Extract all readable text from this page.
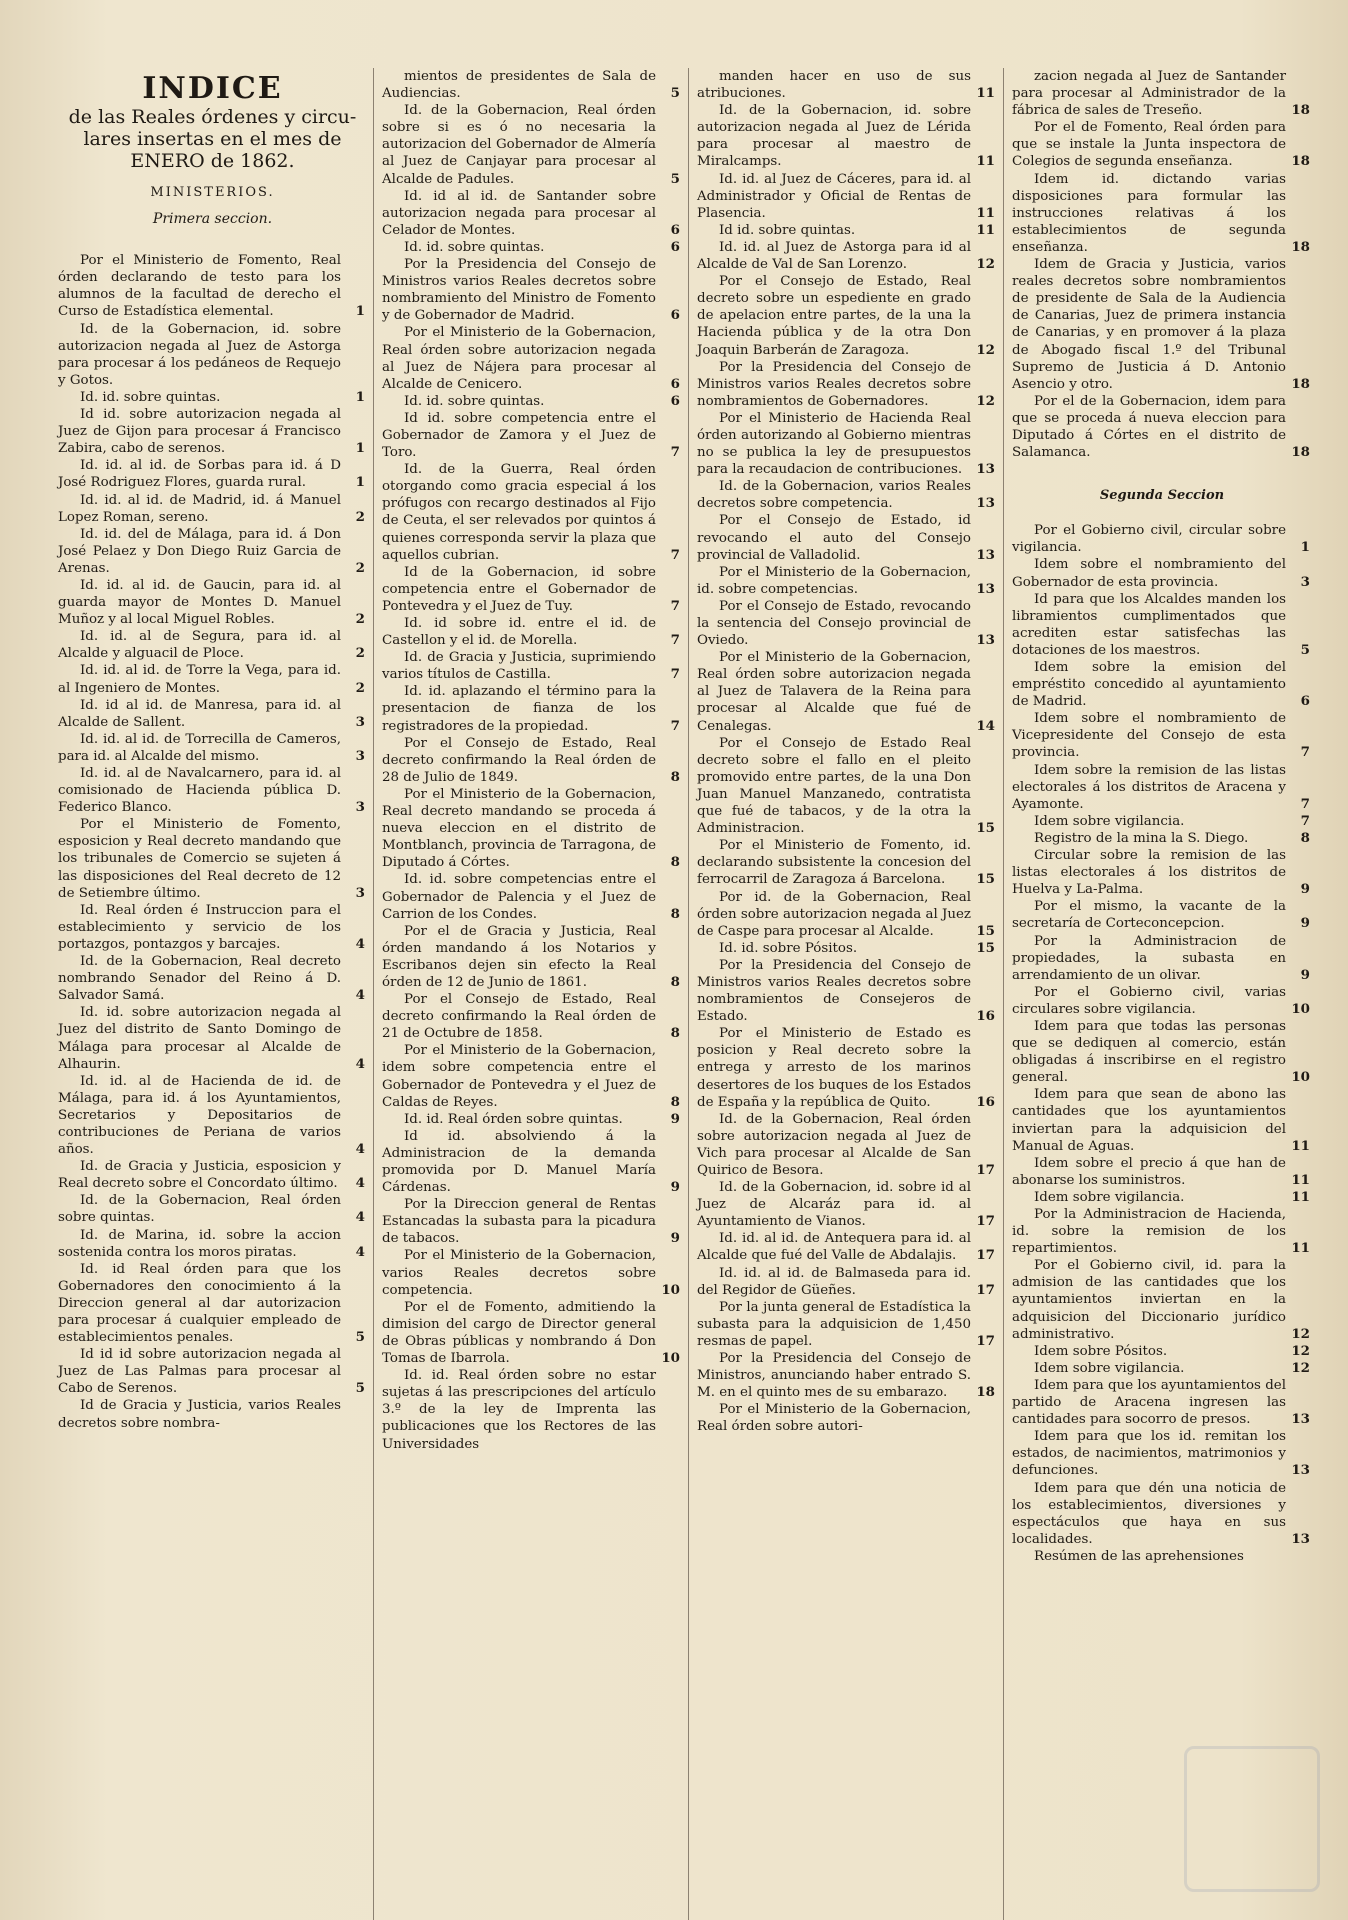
INDICE
de las Reales órdenes y circu-
lares insertas en el mes de
ENERO de 1862.
MINISTERIOS.
Primera seccion.

Por el Ministerio de Fomento, Real órden declarando de testo para los alumnos de la facultad de derecho el Curso de Estadística elemental.	1

Id. de la Gobernacion, id. sobre autorizacion negada al Juez de Astorga para procesar á los pedáneos de Requejo y Gotos.

Id. id. sobre quintas.	1

Id id. sobre autorizacion negada al Juez de Gijon para procesar á Francisco Zabira, cabo de serenos.	1

Id. id. al id. de Sorbas para id. á D José Rodriguez Flores, guarda rural.	1

Id. id. al id. de Madrid, id. á Manuel Lopez Roman, sereno.	2

Id. id. del de Málaga, para id. á Don José Pelaez y Don Diego Ruiz Garcia de Arenas.	2

Id. id. al id. de Gaucin, para id. al guarda mayor de Montes D. Manuel Muñoz y al local Miguel Robles.	2

Id. id. al de Segura, para id. al Alcalde y alguacil de Ploce.	2

Id. id. al id. de Torre la Vega, para id. al Ingeniero de Montes.	2

Id. id al id. de Manresa, para id. al Alcalde de Sallent.	3

Id. id. al id. de Torrecilla de Cameros, para id. al Alcalde del mismo.	3

Id. id. al de Navalcarnero, para id. al comisionado de Hacienda pública D. Federico Blanco.	3

Por el Ministerio de Fomento, esposicion y Real decreto mandando que los tribunales de Comercio se sujeten á las disposiciones del Real decreto de 12 de Setiembre último.	3

Id. Real órden é Instruccion para el establecimiento y servicio de los portazgos, pontazgos y barcajes.	4

Id. de la Gobernacion, Real decreto nombrando Senador del Reino á D. Salvador Samá.	4

Id. id. sobre autorizacion negada al Juez del distrito de Santo Domingo de Málaga para procesar al Alcalde de Alhaurin.	4

Id. id. al de Hacienda de id. de Málaga, para id. á los Ayuntamientos, Secretarios y Depositarios de contribuciones de Periana de varios años.	4

Id. de Gracia y Justicia, esposicion y Real decreto sobre el Concordato último. 4

Id. de la Gobernacion, Real órden sobre quintas.	4

Id. de Marina, id. sobre la accion sostenida contra los moros piratas.	4

Id. id Real órden para que los Gobernadores den conocimiento á la Direccion general al dar autorizacion para procesar á cualquier empleado de establecimientos penales.	5

Id id id sobre autorizacion negada al Juez de Las Palmas para procesar al Cabo de Serenos.	5

Id de Gracia y Justicia, varios Reales decretos sobre nombra-

mientos de presidentes de Sala de Audiencias.	5

Id. de la Gobernacion, Real órden sobre si es ó no necesaria la autorizacion del Gobernador de Almería al Juez de Canjayar para procesar al Alcalde de Padules.	5

Id. id al id. de Santander sobre autorizacion negada para procesar al Celador de Montes.	6

Id. id. sobre quintas.	6

Por la Presidencia del Consejo de Ministros varios Reales decretos sobre nombramiento del Ministro de Fomento y de Gobernador de Madrid.	6

Por el Ministerio de la Gobernacion, Real órden sobre autorizacion negada al Juez de Nájera para procesar al Alcalde de Cenicero.	6

Id. id. sobre quintas.	6

Id id. sobre competencia entre el Gobernador de Zamora y el Juez de Toro.	7

Id. de la Guerra, Real órden otorgando como gracia especial á los prófugos con recargo destinados al Fijo de Ceuta, el ser relevados por quintos á quienes corresponda servir la plaza que aquellos cubrian.	7

Id de la Gobernacion, id sobre competencia entre el Gobernador de Pontevedra y el Juez de Tuy.	7

Id. id sobre id. entre el id. de Castellon y el id. de Morella.	7

Id. de Gracia y Justicia, suprimiendo varios títulos de Castilla.	7

Id. id. aplazando el término para la presentacion de fianza de los registradores de la propiedad.	7

Por el Consejo de Estado, Real decreto confirmando la Real órden de 28 de Julio de 1849.	8

Por el Ministerio de la Gobernacion, Real decreto mandando se proceda á nueva eleccion en el distrito de Montblanch, provincia de Tarragona, de Diputado á Córtes.	8

Id. id. sobre competencias entre el Gobernador de Palencia y el Juez de Carrion de los Condes.	8

Por el de Gracia y Justicia, Real órden mandando á los Notarios y Escribanos dejen sin efecto la Real órden de 12 de Junio de 1861.	8

Por el Consejo de Estado, Real decreto confirmando la Real órden de 21 de Octubre de 1858.	8

Por el Ministerio de la Gobernacion, idem sobre competencia entre el Gobernador de Pontevedra y el Juez de Caldas de Reyes.	8

Id. id. Real órden sobre quintas.	9

Id id. absolviendo á la Administracion de la demanda promovida por D. Manuel María Cárdenas.	9

Por la Direccion general de Rentas Estancadas la subasta para la picadura de tabacos.	9

Por el Ministerio de la Gobernacion, varios Reales decretos sobre competencia.	10

Por el de Fomento, admitiendo la dimision del cargo de Director general de Obras públicas y nombrando á Don Tomas de Ibarrola.	10

Id. id. Real órden sobre no estar sujetas á las prescripciones del artículo 3.º de la ley de Imprenta las publicaciones que los Rectores de las Universidades

manden hacer en uso de sus atribuciones.	11

Id. de la Gobernacion, id. sobre autorizacion negada al Juez de Lérida para procesar al maestro de Miralcamps.	11

Id. id. al Juez de Cáceres, para id. al Administrador y Oficial de Rentas de Plasencia.	11

Id id. sobre quintas.	11

Id. id. al Juez de Astorga para id al Alcalde de Val de San Lorenzo.	12

Por el Consejo de Estado, Real decreto sobre un espediente en grado de apelacion entre partes, de la una la Hacienda pública y de la otra Don Joaquin Barberán de Zaragoza.	12

Por la Presidencia del Consejo de Ministros varios Reales decretos sobre nombramientos de Gobernadores.	12

Por el Ministerio de Hacienda Real órden autorizando al Gobierno mientras no se publica la ley de presupuestos para la recaudacion de contribuciones. 13

Id. de la Gobernacion, varios Reales decretos sobre competencia.	13

Por el Consejo de Estado, id revocando el auto del Consejo provincial de Valladolid.	13

Por el Ministerio de la Gobernacion, id. sobre competencias.	13

Por el Consejo de Estado, revocando la sentencia del Consejo provincial de Oviedo.	13

Por el Ministerio de la Gobernacion, Real órden sobre autorizacion negada al Juez de Talavera de la Reina para procesar al Alcalde que fué de Cenalegas.	14

Por el Consejo de Estado Real decreto sobre el fallo en el pleito promovido entre partes, de la una Don Juan Manuel Manzanedo, contratista que fué de tabacos, y de la otra la Administracion.	15

Por el Ministerio de Fomento, id. declarando subsistente la concesion del ferrocarril de Zaragoza á Barcelona. 15

Por id. de la Gobernacion, Real órden sobre autorizacion negada al Juez de Caspe para procesar al Alcalde.	15

Id. id. sobre Pósitos.	15

Por la Presidencia del Consejo de Ministros varios Reales decretos sobre nombramientos de Consejeros de Estado.	16

Por el Ministerio de Estado es posicion y Real decreto sobre la entrega y arresto de los marinos desertores de los buques de los Estados de España y la república de Quito.	16

Id. de la Gobernacion, Real órden sobre autorizacion negada al Juez de Vich para procesar al Alcalde de San Quirico de Besora.	17

Id. de la Gobernacion, id. sobre id al Juez de Alcaráz para id. al Ayuntamiento de Vianos.	17

Id. id. al id. de Antequera para id. al Alcalde que fué del Valle de Abdalajis. 17

Id. id. al id. de Balmaseda para id. del Regidor de Güeñes.	17

Por la junta general de Estadística la subasta para la adquisicion de 1,450 resmas de papel.	17

Por la Presidencia del Consejo de Ministros, anunciando haber entrado S. M. en el quinto mes de su embarazo. 18

Por el Ministerio de la Gobernacion, Real órden sobre autori-

zacion negada al Juez de Santander para procesar al Administrador de la fábrica de sales de Treseño.	18

Por el de Fomento, Real órden para que se instale la Junta inspectora de Colegios de segunda enseñanza.	18

Idem id. dictando varias disposiciones para formular las instrucciones relativas á los establecimientos de segunda enseñanza.	18

Idem de Gracia y Justicia, varios reales decretos sobre nombramientos de presidente de Sala de la Audiencia de Canarias, Juez de primera instancia de Canarias, y en promover á la plaza de Abogado fiscal 1.º del Tribunal Supremo de Justicia á D. Antonio Asencio y otro.	18

Por el de la Gobernacion, idem para que se proceda á nueva eleccion para Diputado á Córtes en el distrito de Salamanca.	18

Segunda Seccion

Por el Gobierno civil, circular sobre vigilancia.	1

Idem sobre el nombramiento del Gobernador de esta provincia.	3

Id para que los Alcaldes manden los libramientos cumplimentados que acrediten estar satisfechas las dotaciones de los maestros.	5

Idem sobre la emision del empréstito concedido al ayuntamiento de Madrid.	6

Idem sobre el nombramiento de Vicepresidente del Consejo de esta provincia.	7

Idem sobre la remision de las listas electorales á los distritos de Aracena y Ayamonte.	7

Idem sobre vigilancia.	7

Registro de la mina la S. Diego.	8

Circular sobre la remision de las listas electorales á los distritos de Huelva y La-Palma.	9

Por el mismo, la vacante de la secretaría de Corteconcepcion.	9

Por la Administracion de propiedades, la subasta en arrendamiento de un olivar.	9

Por el Gobierno civil, varias circulares sobre vigilancia.	10

Idem para que todas las personas que se dediquen al comercio, están obligadas á inscribirse en el registro general.	10

Idem para que sean de abono las cantidades que los ayuntamientos inviertan para la adquisicion del Manual de Aguas.	11

Idem sobre el precio á que han de abonarse los suministros.	11

Idem sobre vigilancia.	11

Por la Administracion de Hacienda, id. sobre la remision de los repartimientos.	11

Por el Gobierno civil, id. para la admision de las cantidades que los ayuntamientos inviertan en la adquisicion del Diccionario jurídico administrativo.	12

Idem sobre Pósitos.	12

Idem sobre vigilancia.	12

Idem para que los ayuntamientos del partido de Aracena ingresen las cantidades para socorro de presos.	13

Idem para que los id. remitan los estados, de nacimientos, matrimonios y defunciones.	13

Idem para que dén una noticia de los establecimientos, diversiones y espectáculos que haya en sus localidades.	13

Resúmen de las aprehensiones
